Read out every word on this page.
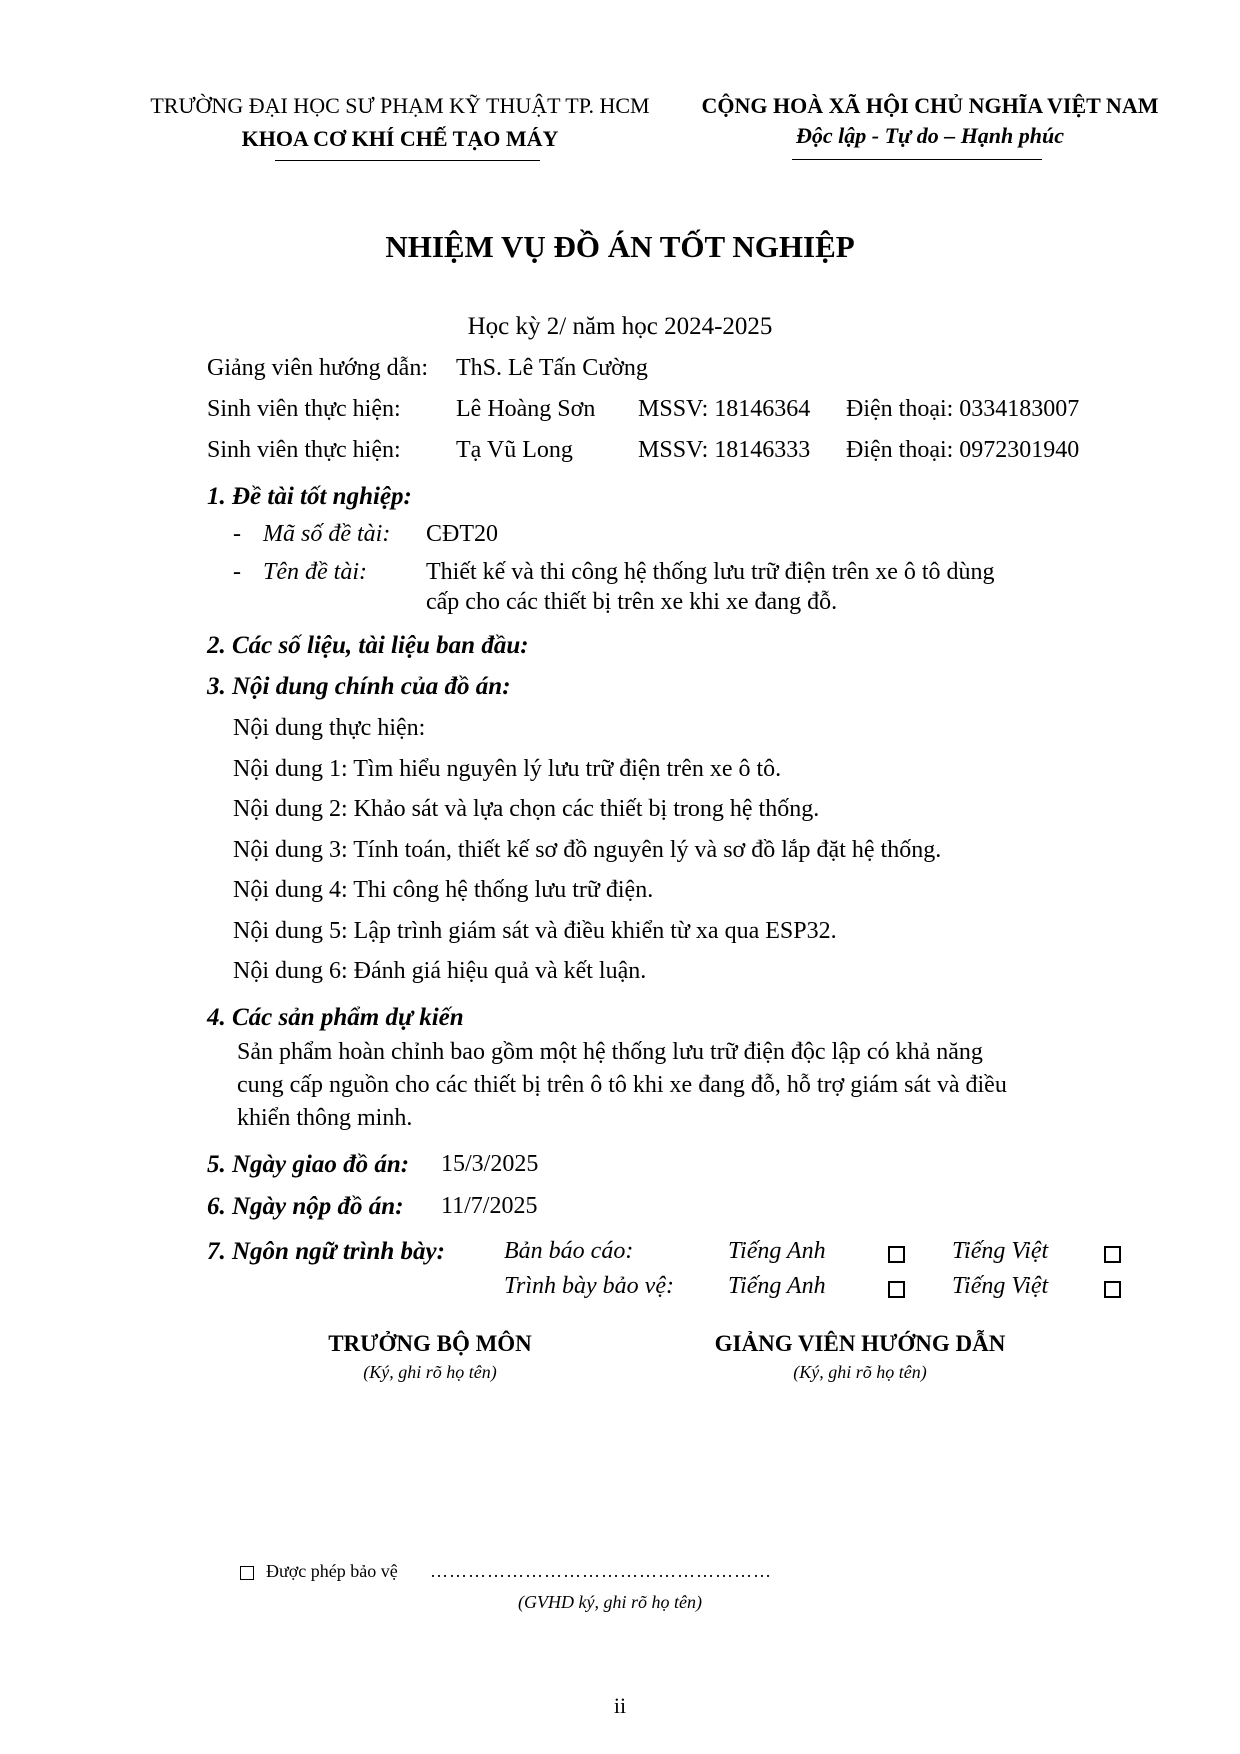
TRƯỜNG ĐẠI HỌC SƯ PHẠM KỸ THUẬT TP. HCM
KHOA CƠ KHÍ CHẾ TẠO MÁY
CỘNG HOÀ XÃ HỘI CHỦ NGHĨA VIỆT NAM
Độc lập - Tự do – Hạnh phúc
NHIỆM VỤ ĐỒ ÁN TỐT NGHIỆP
Học kỳ 2/ năm học 2024-2025
Giảng viên hướng dẫn: ThS. Lê Tấn Cường
Sinh viên thực hiện: Lê Hoàng Sơn MSSV: 18146364 Điện thoại: 0334183007
Sinh viên thực hiện: Tạ Vũ Long	MSSV: 18146333 Điện thoại: 0972301940
1. Đề tài tốt nghiệp:
- Mã số đề tài: CĐT20
- Tên đề tài: Thiết kế và thi công hệ thống lưu trữ điện trên xe ô tô dùng
cấp cho các thiết bị trên xe khi xe đang đỗ.
2. Các số liệu, tài liệu ban đầu:
3. Nội dung chính của đồ án:
Nội dung thực hiện:
Nội dung 1: Tìm hiểu nguyên lý lưu trữ điện trên xe ô tô.
Nội dung 2: Khảo sát và lựa chọn các thiết bị trong hệ thống.
Nội dung 3: Tính toán, thiết kế sơ đồ nguyên lý và sơ đồ lắp đặt hệ thống.
Nội dung 4: Thi công hệ thống lưu trữ điện.
Nội dung 5: Lập trình giám sát và điều khiển từ xa qua ESP32.
Nội dung 6: Đánh giá hiệu quả và kết luận.
4. Các sản phẩm dự kiến
Sản phẩm hoàn chỉnh bao gồm một hệ thống lưu trữ điện độc lập có khả năng
cung cấp nguồn cho các thiết bị trên ô tô khi xe đang đỗ, hỗ trợ giám sát và điều
khiển thông minh.
5. Ngày giao đồ án: 15/3/2025
6. Ngày nộp đồ án: 11/7/2025
7. Ngôn ngữ trình bày: Bản báo cáo:	Tiếng Anh	Tiếng Việt
Trình bày bảo vệ: Tiếng Anh	Tiếng Việt
TRƯỞNG BỘ MÔN
(Ký, ghi rõ họ tên)
GIẢNG VIÊN HƯỚNG DẪN
(Ký, ghi rõ họ tên)
Được phép bảo vệ ………………………………………………
(GVHD ký, ghi rõ họ tên)
ii
